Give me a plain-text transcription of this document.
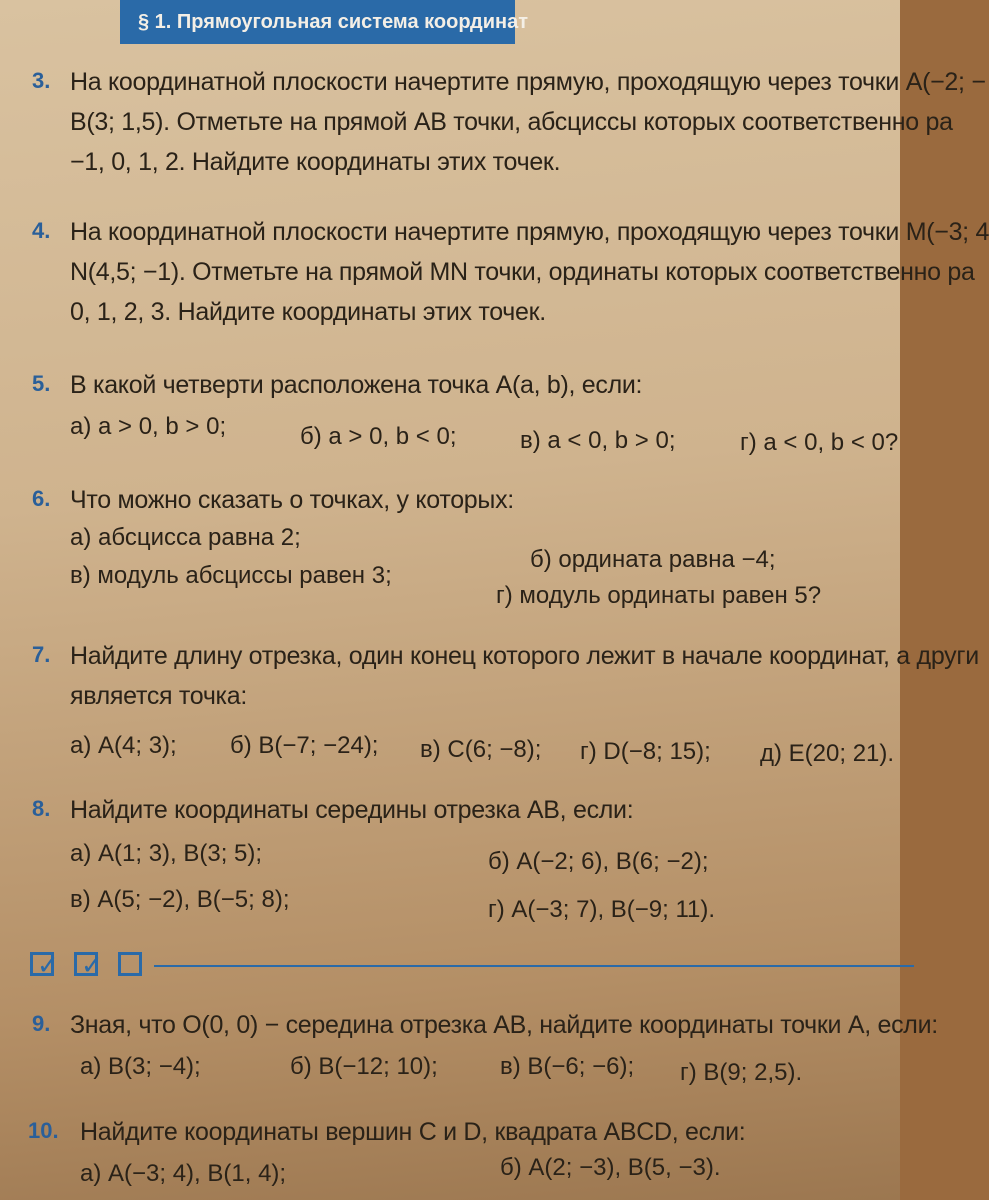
§ 1. Прямоугольная система координат
3. На координатной плоскости начертите прямую, проходящую через точки A(−2; −
B(3; 1,5). Отметьте на прямой AB точки, абсциссы которых соответственно ра
−1, 0, 1, 2. Найдите координаты этих точек.
4. На координатной плоскости начертите прямую, проходящую через точки M(−3; 4
N(4,5; −1). Отметьте на прямой MN точки, ординаты которых соответственно ра
0, 1, 2, 3. Найдите координаты этих точек.
5. В какой четверти расположена точка A(a, b), если:
а) a > 0, b > 0;	б) a > 0, b < 0;	в) a < 0, b > 0;	г) a < 0, b < 0?
6. Что можно сказать о точках, у которых:
а) абсцисса равна 2;
б) ордината равна −4;
в) модуль абсциссы равен 3;
г) модуль ординаты равен 5?
7. Найдите длину отрезка, один конец которого лежит в начале координат, а други
является точка:
а) A(4; 3); б) B(−7; −24); в) C(6; −8); г) D(−8; 15); д) E(20; 21).
8. Найдите координаты середины отрезка AB, если:
а) A(1; 3), B(3; 5);	б) A(−2; 6), B(6; −2);
в) A(5; −2), B(−5; 8);	г) A(−3; 7), B(−9; 11).
✓ ✓
9. Зная, что O(0, 0) − середина отрезка AB, найдите координаты точки A, если:
а) B(3; −4);	б) B(−12; 10);	в) B(−6; −6); г) B(9; 2,5).
10. Найдите координаты вершин C и D, квадрата ABCD, если:
а) A(−3; 4), B(1, 4);	б) A(2; −3), B(5, −3).
